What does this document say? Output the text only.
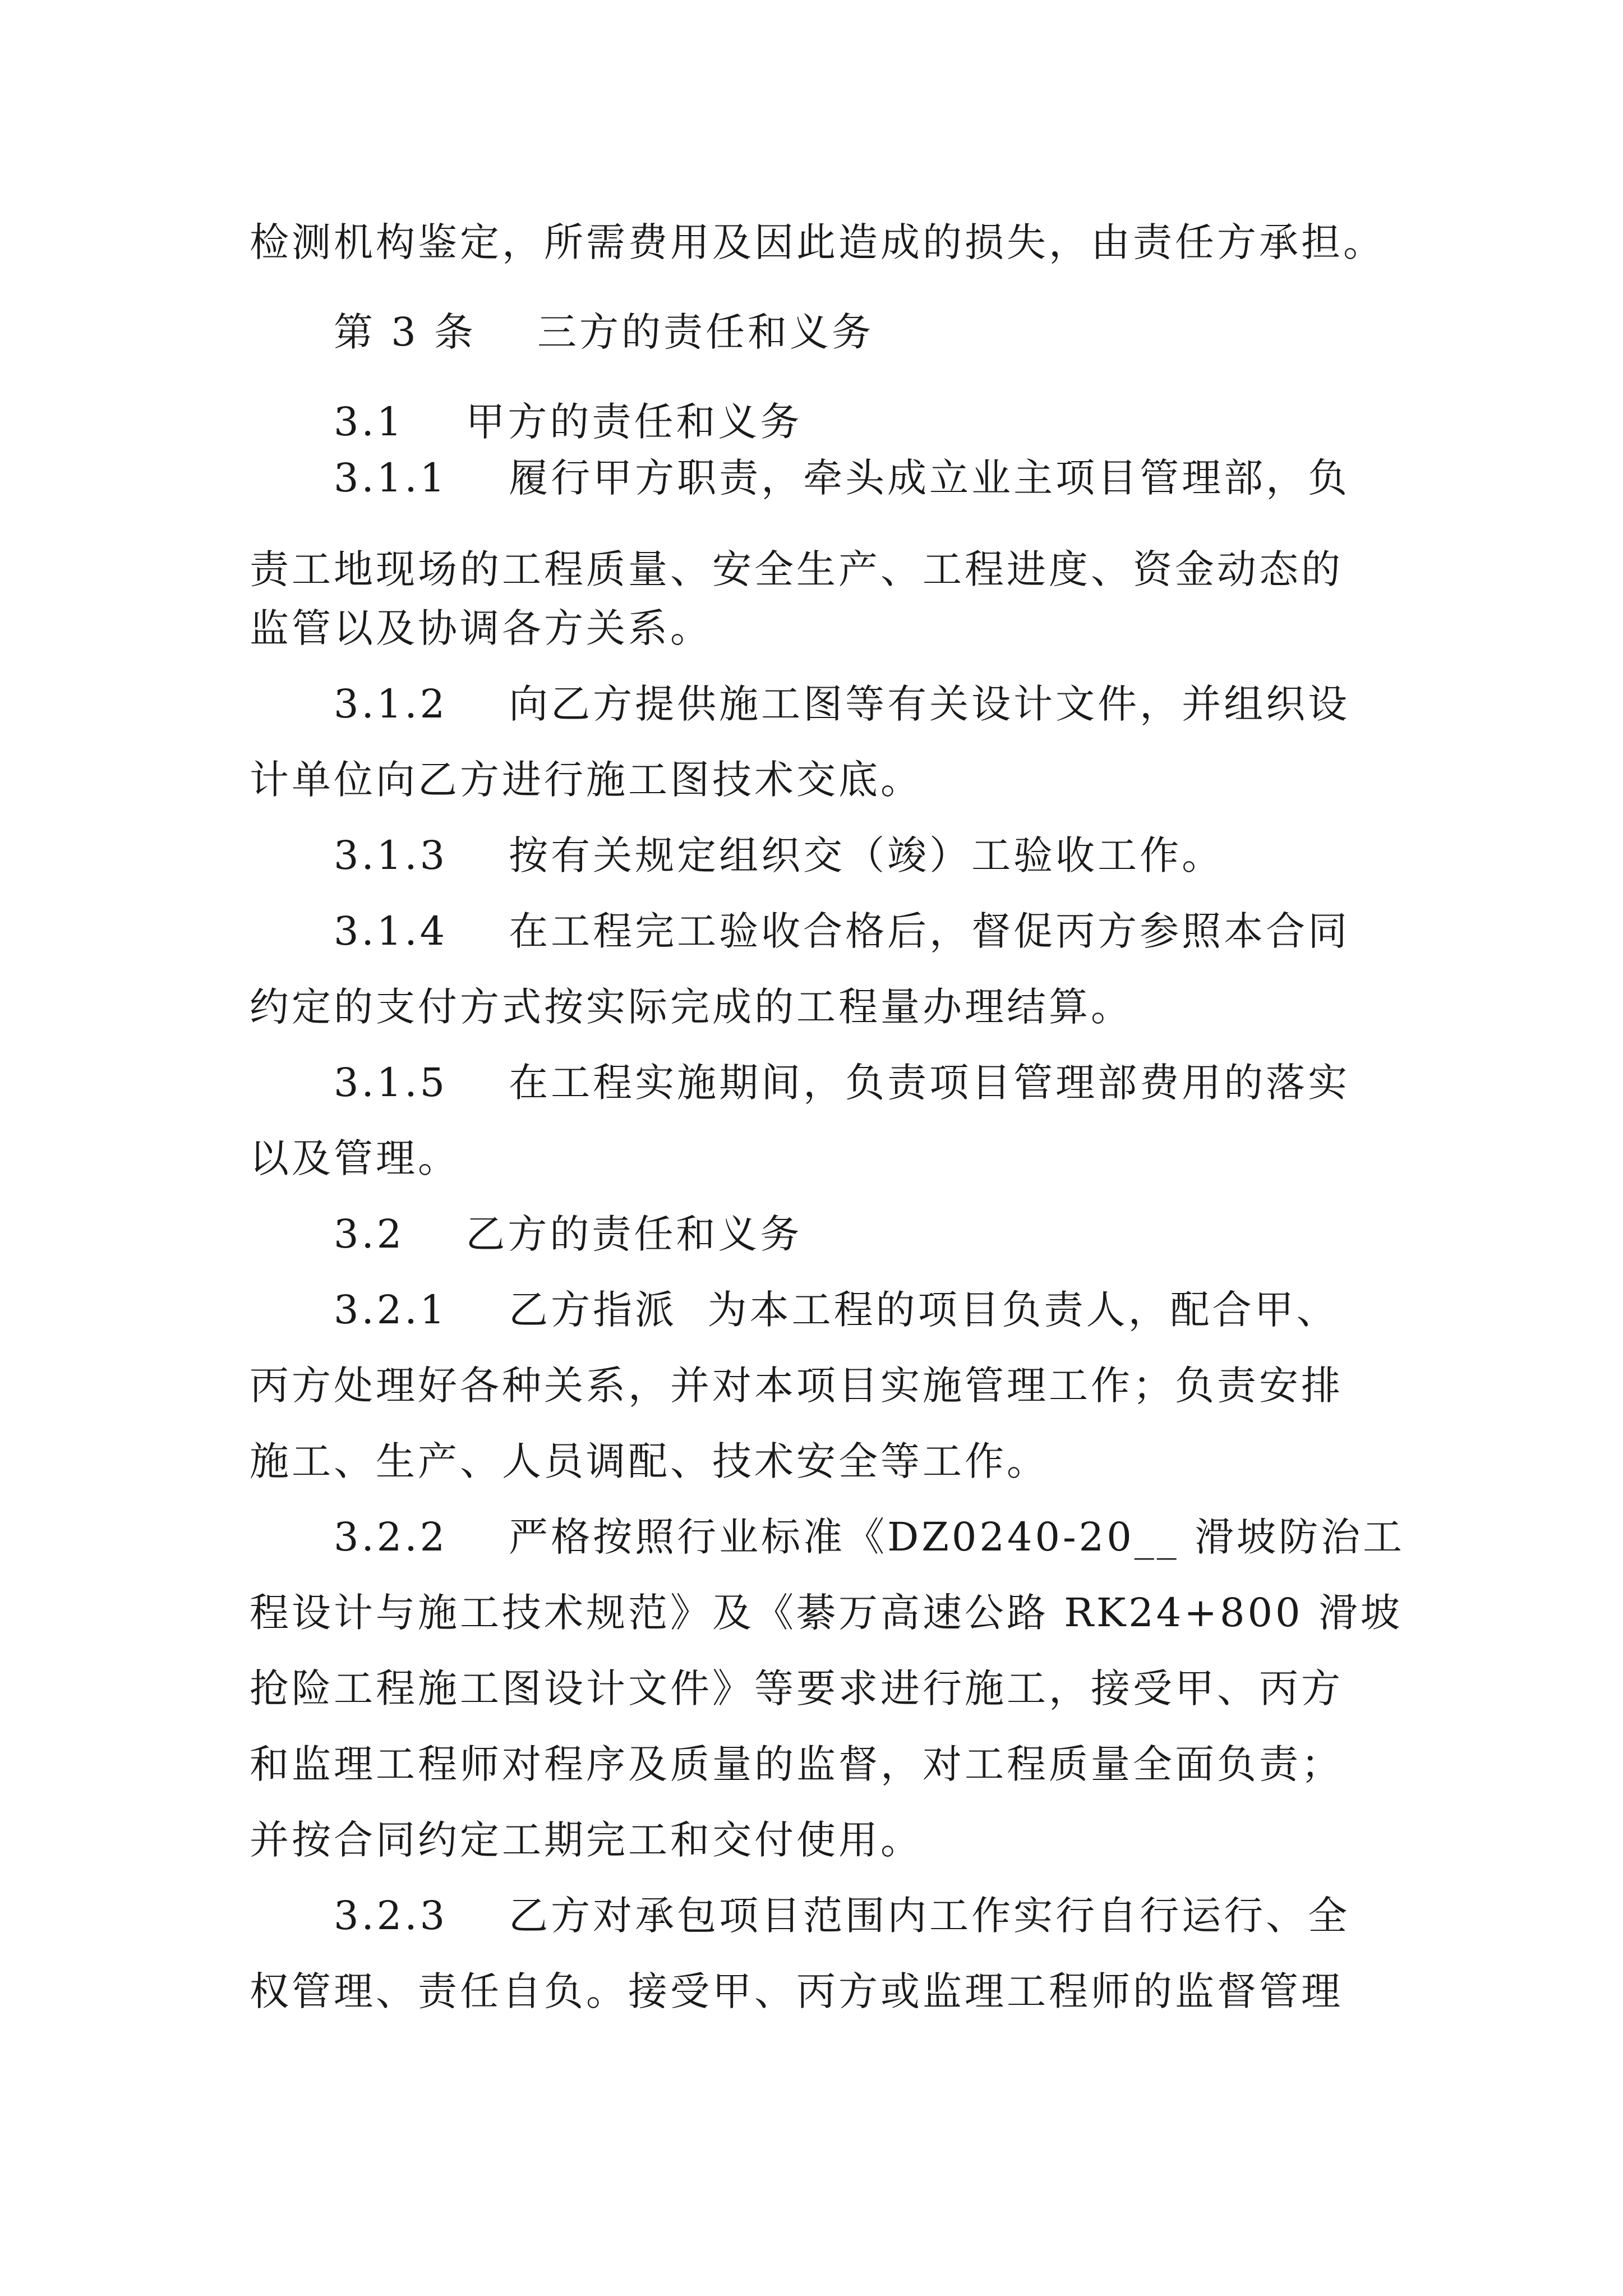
检测机构鉴定，所需费用及因此造成的损失，由责任方承担。
第 3 条    三方的责任和义务
3.1    甲方的责任和义务
3.1.1    履行甲方职责，牵头成立业主项目管理部，负
责工地现场的工程质量、安全生产、工程进度、资金动态的
监管以及协调各方关系。
3.1.2    向乙方提供施工图等有关设计文件，并组织设
计单位向乙方进行施工图技术交底。
3.1.3    按有关规定组织交（竣）工验收工作。
3.1.4    在工程完工验收合格后，督促丙方参照本合同
约定的支付方式按实际完成的工程量办理结算。
3.1.5    在工程实施期间，负责项目管理部费用的落实
以及管理。
3.2    乙方的责任和义务
3.2.1    乙方指派  为本工程的项目负责人，配合甲、
丙方处理好各种关系，并对本项目实施管理工作；负责安排
施工、生产、人员调配、技术安全等工作。
3.2.2    严格按照行业标准《DZ0240-20__ 滑坡防治工
程设计与施工技术规范》及《綦万高速公路 RK24+800 滑坡
抢险工程施工图设计文件》等要求进行施工，接受甲、丙方
和监理工程师对程序及质量的监督，对工程质量全面负责；
并按合同约定工期完工和交付使用。
3.2.3    乙方对承包项目范围内工作实行自行运行、全
权管理、责任自负。接受甲、丙方或监理工程师的监督管理
